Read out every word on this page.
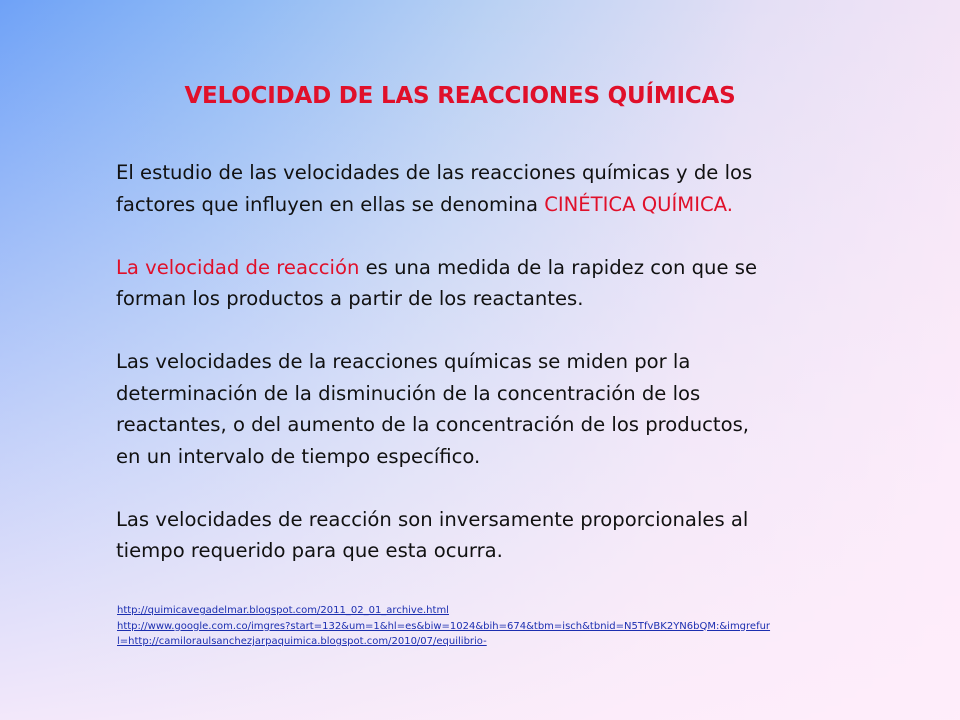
VELOCIDAD DE LAS REACCIONES QUÍMICAS

El estudio de las velocidades de las reacciones químicas y de los
factores que influyen en ellas se denomina CINÉTICA QUÍMICA.

La velocidad de reacción es una medida de la rapidez con que se
forman los productos a partir de los reactantes.

Las velocidades de la reacciones químicas se miden por la
determinación de la disminución de la concentración de los
reactantes, o del aumento de la concentración de los productos,
en un intervalo de tiempo específico.

Las velocidades de reacción son inversamente proporcionales al
tiempo requerido para que esta ocurra.

http://quimicavegadelmar.blogspot.com/2011_02_01_archive.html
http://www.google.com.co/imgres?start=132&um=1&hl=es&biw=1024&bih=674&tbm=isch&tbnid=N5TfvBK2YN6bQM:&imgrefur
l=http://camiloraulsanchezjarpaquimica.blogspot.com/2010/07/equilibrio-
